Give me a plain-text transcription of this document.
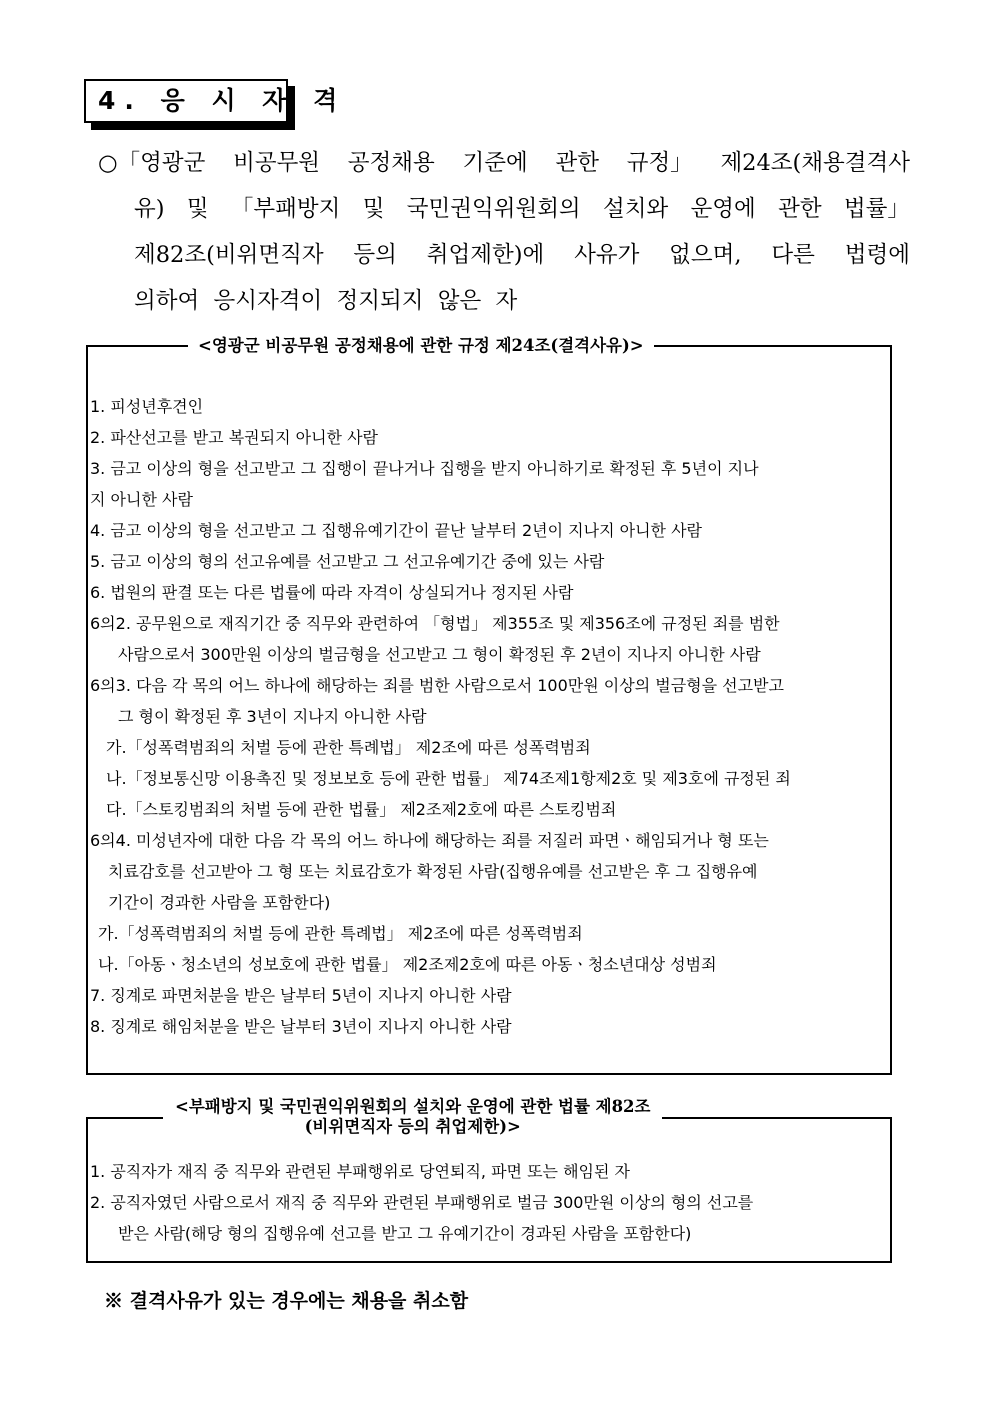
4. 응 시 자 격
○「영광군 비공무원 공정채용 기준에 관한 규정」 제24조(채용결격사
유) 및 「부패방지 및 국민권익위원회의 설치와 운영에 관한 법률」
제82조(비위면직자 등의 취업제한)에 사유가 없으며, 다른 법령에
의하여  응시자격이  정지되지  않은  자
<영광군 비공무원 공정채용에 관한 규정 제24조(결격사유)>
1. 피성년후견인
2. 파산선고를 받고 복권되지 아니한 사람
3. 금고 이상의 형을 선고받고 그 집행이 끝나거나 집행을 받지 아니하기로 확정된 후 5년이 지나
지 아니한 사람
4. 금고 이상의 형을 선고받고 그 집행유예기간이 끝난 날부터 2년이 지나지 아니한 사람
5. 금고 이상의 형의 선고유예를 선고받고 그 선고유예기간 중에 있는 사람
6. 법원의 판결 또는 다른 법률에 따라 자격이 상실되거나 정지된 사람
6의2. 공무원으로 재직기간 중 직무와 관련하여 「형법」 제355조 및 제356조에 규정된 죄를 범한
사람으로서 300만원 이상의 벌금형을 선고받고 그 형이 확정된 후 2년이 지나지 아니한 사람
6의3. 다음 각 목의 어느 하나에 해당하는 죄를 범한 사람으로서 100만원 이상의 벌금형을 선고받고
그 형이 확정된 후 3년이 지나지 아니한 사람
가.「성폭력범죄의 처벌 등에 관한 특례법」 제2조에 따른 성폭력범죄
나.「정보통신망 이용촉진 및 정보보호 등에 관한 법률」 제74조제1항제2호 및 제3호에 규정된 죄
다.「스토킹범죄의 처벌 등에 관한 법률」 제2조제2호에 따른 스토킹범죄
6의4. 미성년자에 대한 다음 각 목의 어느 하나에 해당하는 죄를 저질러 파면ㆍ해임되거나 형 또는
치료감호를 선고받아 그 형 또는 치료감호가 확정된 사람(집행유예를 선고받은 후 그 집행유예
기간이 경과한 사람을 포함한다)
가.「성폭력범죄의 처벌 등에 관한 특례법」 제2조에 따른 성폭력범죄
나.「아동ㆍ청소년의 성보호에 관한 법률」 제2조제2호에 따른 아동ㆍ청소년대상 성범죄
7. 징계로 파면처분을 받은 날부터 5년이 지나지 아니한 사람
8. 징계로 해임처분을 받은 날부터 3년이 지나지 아니한 사람
<부패방지 및 국민권익위원회의 설치와 운영에 관한 법률 제82조
(비위면직자 등의 취업제한)>
1. 공직자가 재직 중 직무와 관련된 부패행위로 당연퇴직, 파면 또는 해임된 자
2. 공직자였던 사람으로서 재직 중 직무와 관련된 부패행위로 벌금 300만원 이상의 형의 선고를
받은 사람(해당 형의 집행유예 선고를 받고 그 유예기간이 경과된 사람을 포함한다)
※ 결격사유가 있는 경우에는 채용을 취소함
